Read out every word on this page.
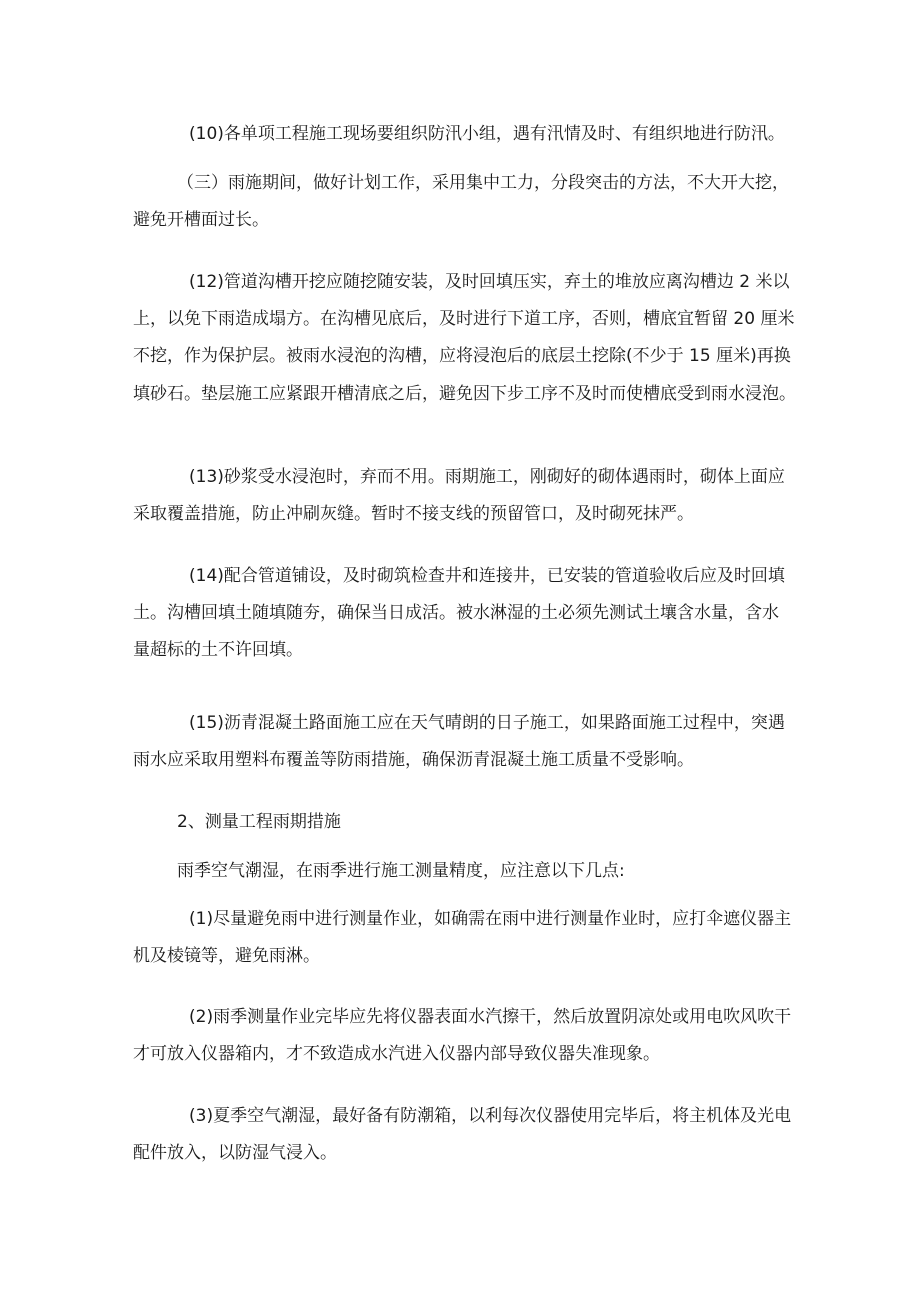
(10)各单项工程施工现场要组织防汛小组，遇有汛情及时、有组织地进行防汛。

（三）雨施期间，做好计划工作，采用集中工力，分段突击的方法，不大开大挖，
避免开槽面过长。

(12)管道沟槽开挖应随挖随安装，及时回填压实，弃土的堆放应离沟槽边 2 米以
上，以免下雨造成塌方。在沟槽见底后，及时进行下道工序，否则，槽底宜暂留 20 厘米
不挖，作为保护层。被雨水浸泡的沟槽，应将浸泡后的底层土挖除(不少于 15 厘米)再换
填砂石。垫层施工应紧跟开槽清底之后，避免因下步工序不及时而使槽底受到雨水浸泡。

(13)砂浆受水浸泡时，弃而不用。雨期施工，刚砌好的砌体遇雨时，砌体上面应
采取覆盖措施，防止冲刷灰缝。暂时不接支线的预留管口，及时砌死抹严。

(14)配合管道铺设，及时砌筑检查井和连接井，已安装的管道验收后应及时回填
土。沟槽回填土随填随夯，确保当日成活。被水淋湿的土必须先测试土壤含水量，含水
量超标的土不许回填。

(15)沥青混凝土路面施工应在天气晴朗的日子施工，如果路面施工过程中，突遇
雨水应采取用塑料布覆盖等防雨措施，确保沥青混凝土施工质量不受影响。

2、测量工程雨期措施

雨季空气潮湿，在雨季进行施工测量精度，应注意以下几点:

(1)尽量避免雨中进行测量作业，如确需在雨中进行测量作业时，应打伞遮仪器主
机及棱镜等，避免雨淋。

(2)雨季测量作业完毕应先将仪器表面水汽擦干，然后放置阴凉处或用电吹风吹干
才可放入仪器箱内，才不致造成水汽进入仪器内部导致仪器失准现象。

(3)夏季空气潮湿，最好备有防潮箱，以利每次仪器使用完毕后，将主机体及光电
配件放入，以防湿气浸入。
